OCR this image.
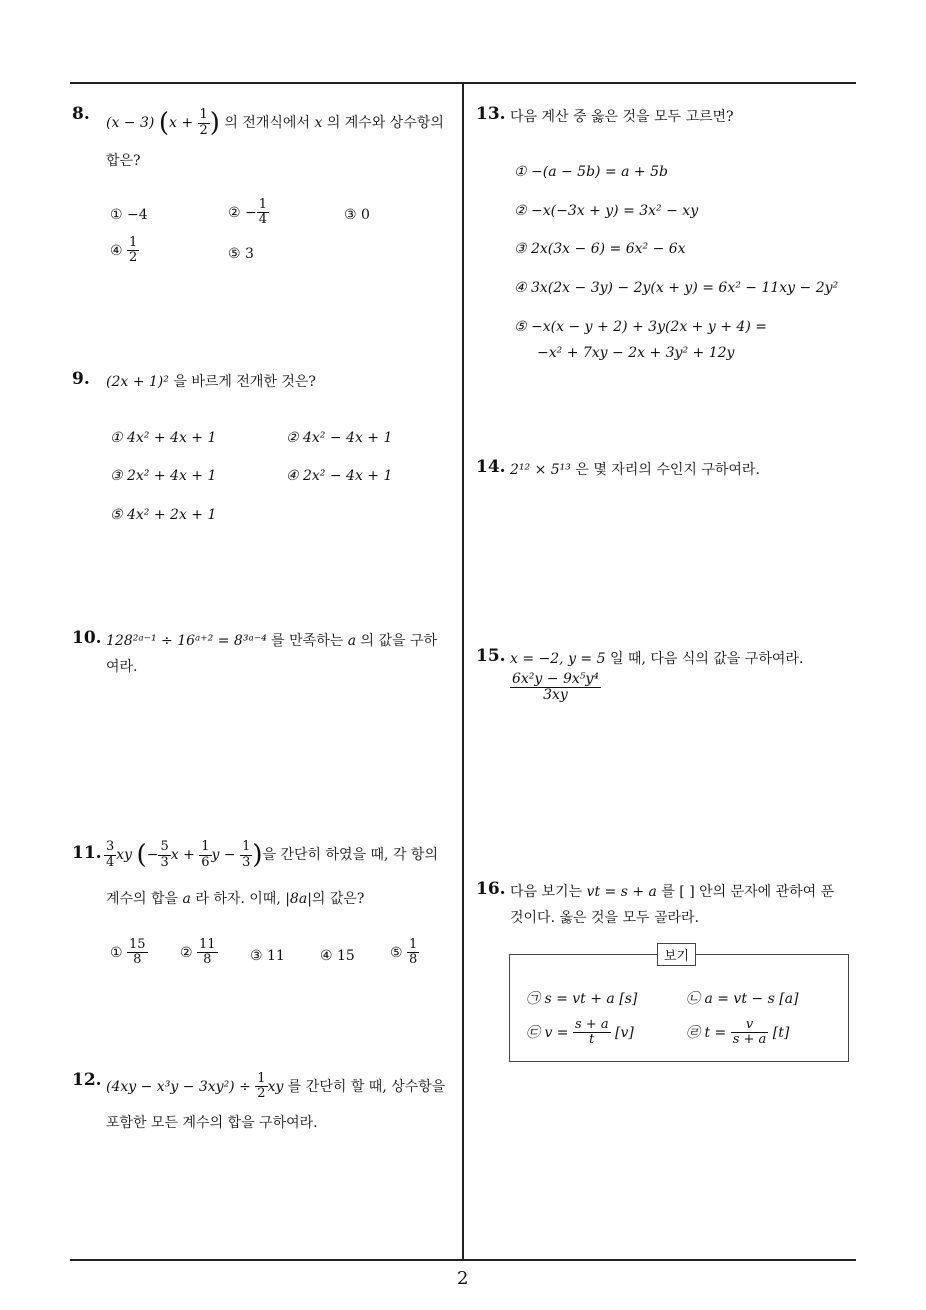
2
8. (x − 3) ($x + \frac{1}{2}$ ) 의 전개식에서 x 의 계수와 상수항의
합은?
① −4	② − $\frac{1}{4}$	③ 0
④ $\frac{1}{2}$	⑤ 3
9. (2x + 1)² 을 바르게 전개한 것은?
① 4x² + 4x + 1	② 4x² − 4x + 1
③ 2x² + 4x + 1	④ 2x² − 4x + 1
⑤ 4x² + 2x + 1
10. 128²ᵃ⁻¹ ÷ 16ᵃ⁺² = 8³ᵃ⁻⁴ 를 만족하는 a 의 값을 구하
여라.
11. $\frac{3}{4}$ xy (− $\frac{5}{3}$ $x + \frac{1}{6}$ $y - \frac{1}{3}$ )을 간단히 하였을 때, 각 항의
계수의 합을 a 라 하자. 이때, |8a|의 값은?
① $\frac{15}{8}$ ② $\frac{11}{8}$ ③ 11	④ 15	⑤ $\frac{1}{8}$
12. $(4xy - x^3y - 3xy^2) \div \frac{1}{2}$ xy 를 간단히 할 때, 상수항을
포함한 모든 계수의 합을 구하여라.
13. 다음 계산 중 옳은 것을 모두 고르면?
① −(a − 5b) = a + 5b
② −x(−3x + y) = 3x² − xy
③ 2x(3x − 6) = 6x² − 6x
④ 3x(2x − 3y) − 2y(x + y) = 6x² − 11xy − 2y²
⑤ −x(x − y + 2) + 3y(2x + y + 4) =
−x² + 7xy − 2x + 3y² + 12y
14. 2¹² × 5¹³ 은 몇 자리의 수인지 구하여라.
15. x = −2, y = 5 일 때, 다음 식의 값을 구하여라.
$\frac{\text{6x²y − 9x⁵y⁴}}{3xy}$
16. 다음 보기는 vt = s + a 를 [ ] 안의 문자에 관하여 푼
것이다. 옳은 것을 모두 골라라.
보기
㉠ s = vt + a [s]	㉡ a = vt − s [a]
㉢ $v = \frac{s + a}{t} [v]$	㉣ $t = \frac{v}{s + a} [t]$
